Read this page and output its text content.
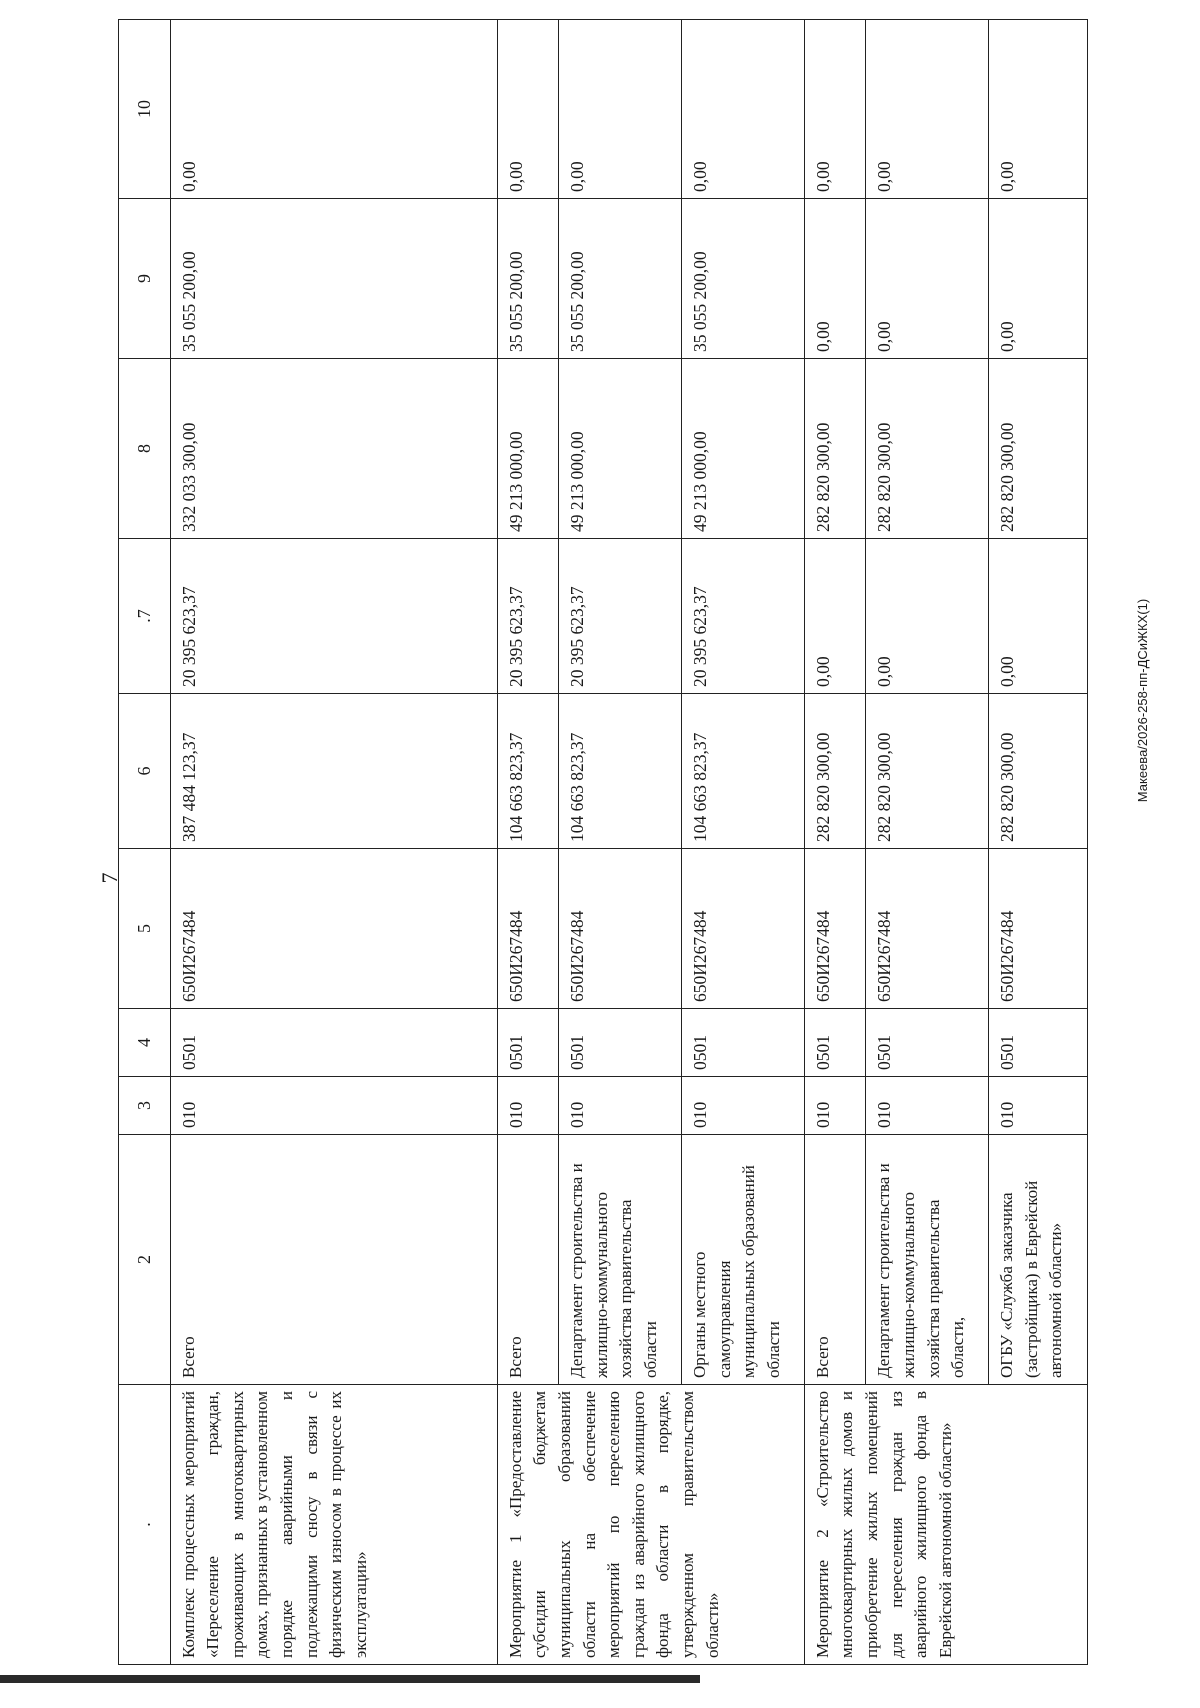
7
Макеева/2026-258-пп-ДСиЖКХ(1)
.	2	3	4	5	6	.7	8	9	10
Комплекс процессных мероприятий «Переселение граждан, проживающих в многоквартирных домах, признанных в установленном порядке аварийными и подлежащими сносу в связи с физическим износом в процессе их эксплуатации»	Всего	010	0501	650И267484	387 484 123,37	20 395 623,37	332 033 300,00	35 055 200,00	0,00
Мероприятие 1 «Предоставление субсидии бюджетам муниципальных образований области на обеспечение мероприятий по переселению граждан из аварийного жилищного фонда области в порядке, утвержденном правительством области»	Всего	010	0501	650И267484	104 663 823,37	20 395 623,37	49 213 000,00	35 055 200,00	0,00
	Департамент строительства и жилищно-коммунального хозяйства правительства области	010	0501	650И267484	104 663 823,37	20 395 623,37	49 213 000,00	35 055 200,00	0,00
	Органы местного самоуправления муниципальных образований области	010	0501	650И267484	104 663 823,37	20 395 623,37	49 213 000,00	35 055 200,00	0,00
Мероприятие 2 «Строительство многоквартирных жилых домов и приобретение жилых помещений для переселения граждан из аварийного жилищного фонда в Еврейской автономной области»	Всего	010	0501	650И267484	282 820 300,00	0,00	282 820 300,00	0,00	0,00
	Департамент строительства и жилищно-коммунального хозяйства правительства области,	010	0501	650И267484	282 820 300,00	0,00	282 820 300,00	0,00	0,00
	ОГБУ «Служба заказчика (застройщика) в Еврейской автономной области»	010	0501	650И267484	282 820 300,00	0,00	282 820 300,00	0,00	0,00
